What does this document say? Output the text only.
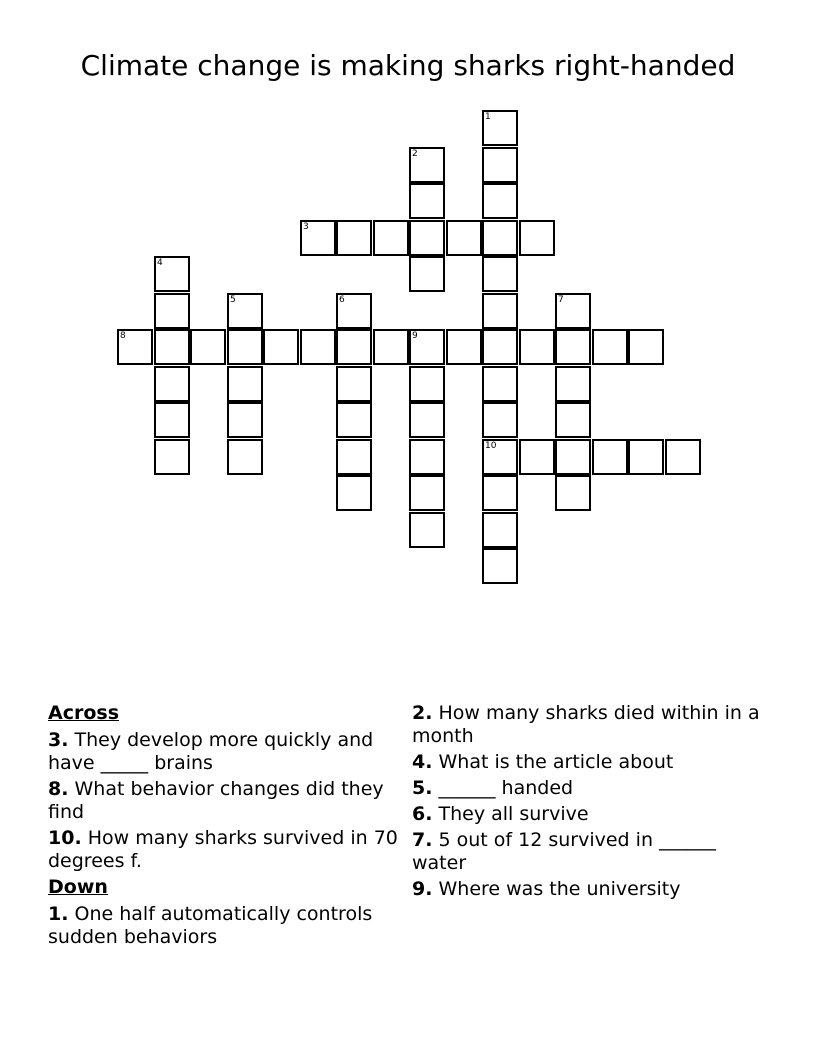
Climate change is making sharks right-handed
1
10
2
3
4
5	6	7
8	9
Across
3. They develop more quickly and have _____ brains
8. What behavior changes did they find
10. How many sharks survived in 70 degrees f.
Down
1. One half automatically controls sudden behaviors
2. How many sharks died within in a month
4. What is the article about
5. ______ handed
6. They all survive
7. 5 out of 12 survived in ______ water
9. Where was the university
